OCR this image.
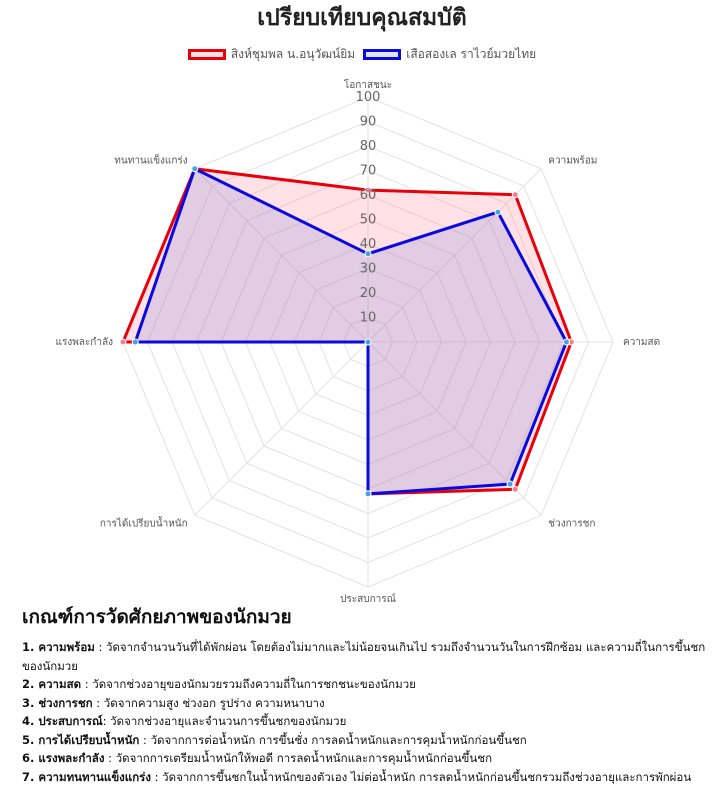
เปรียบเทียบคุณสมบัติ
สิงห์ชุมพล น.อนุวัฒน์ยิม	เสือสองเล ราไวย์มวยไทย
10
20
30
40
50
60
70
80
90
100
โอกาสชนะ
ความพร้อม
ความสด
ช่วงการชก
ประสบการณ์
การได้เปรียบน้ำหนัก
แรงพละกำลัง
ทนทานแข็งแกร่ง
เกณฑ์การวัดศักยภาพของนักมวย
1. ความพร้อม : วัดจากจำนวนวันที่ได้พักผ่อน โดยต้องไม่มากและไม่น้อยจนเกินไป รวมถึงจำนวนวันในการฝึกซ้อม และความถี่ในการขึ้นชกของนักมวย
2. ความสด : วัดจากช่วงอายุของนักมวยรวมถึงความถี่ในการชกชนะของนักมวย
3. ช่วงการชก : วัดจากความสูง ช่วงอก รูปร่าง ความหนาบาง
4. ประสบการณ์: วัดจากช่วงอายุและจำนวนการขึ้นชกของนักมวย
5. การได้เปรียบน้ำหนัก : วัดจากการต่อน้ำหนัก การขึ้นชั่ง การลดน้ำหนักและการคุมน้ำหนักก่อนขึ้นชก
6. แรงพละกำลัง : วัดจากการเตรียมน้ำหนักให้พอดี การลดน้ำหนักและการคุมน้ำหนักก่อนขึ้นชก
7. ความทนทานแข็งแกร่ง : วัดจากการขึ้นชกในน้ำหนักของตัวเอง ไม่ต่อน้ำหนัก การลดน้ำหนักก่อนขึ้นชกรวมถึงช่วงอายุและการพักผ่อน
